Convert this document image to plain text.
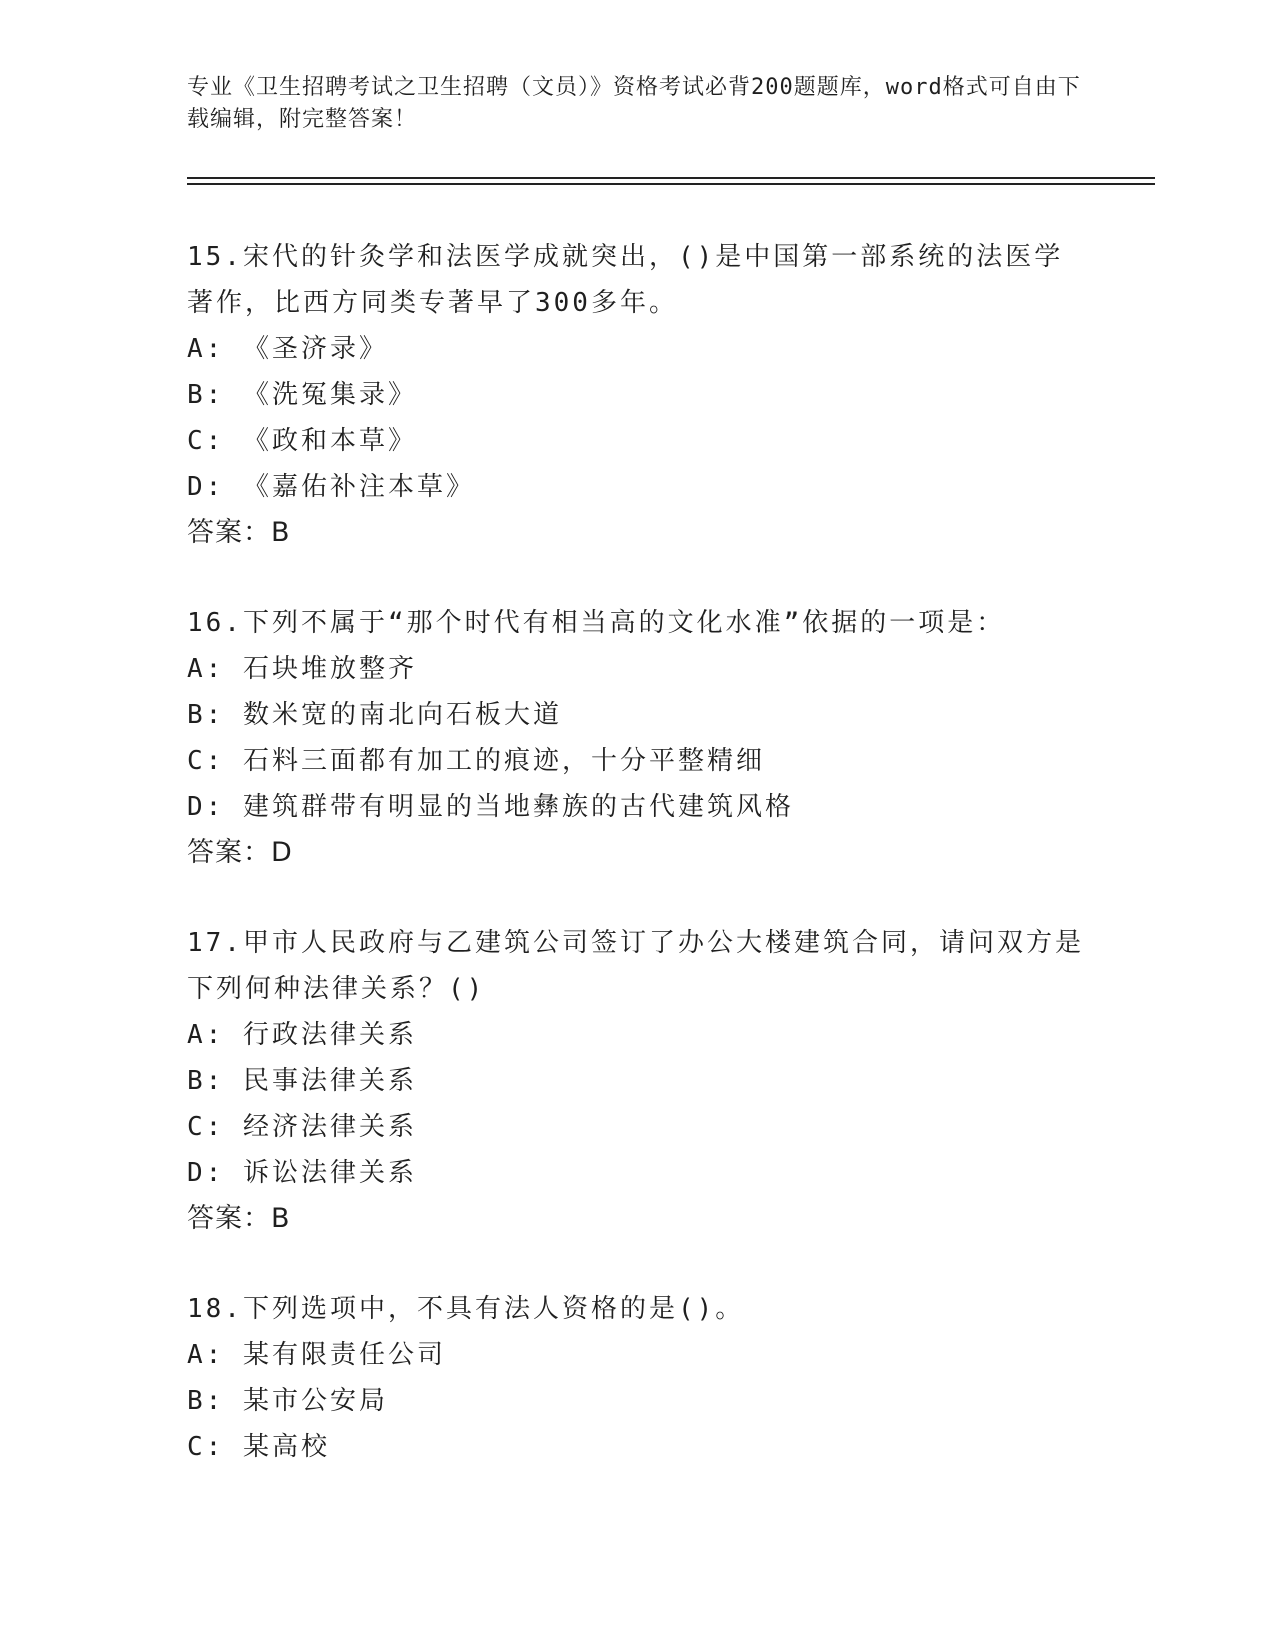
专业《卫生招聘考试之卫生招聘（文员）》资格考试必背200题题库，word格式可自由下载编辑，附完整答案！
15.宋代的针灸学和法医学成就突出，()是中国第一部系统的法医学著作，比西方同类专著早了300多年。
A: 《圣济录》
B: 《洗冤集录》
C: 《政和本草》
D: 《嘉佑补注本草》
答案：B
16.下列不属于“那个时代有相当高的文化水准”依据的一项是：
A: 石块堆放整齐
B: 数米宽的南北向石板大道
C: 石料三面都有加工的痕迹，十分平整精细
D: 建筑群带有明显的当地彝族的古代建筑风格
答案：D
17.甲市人民政府与乙建筑公司签订了办公大楼建筑合同，请问双方是下列何种法律关系？()
A: 行政法律关系
B: 民事法律关系
C: 经济法律关系
D: 诉讼法律关系
答案：B
18.下列选项中，不具有法人资格的是()。
A: 某有限责任公司
B: 某市公安局
C: 某高校
